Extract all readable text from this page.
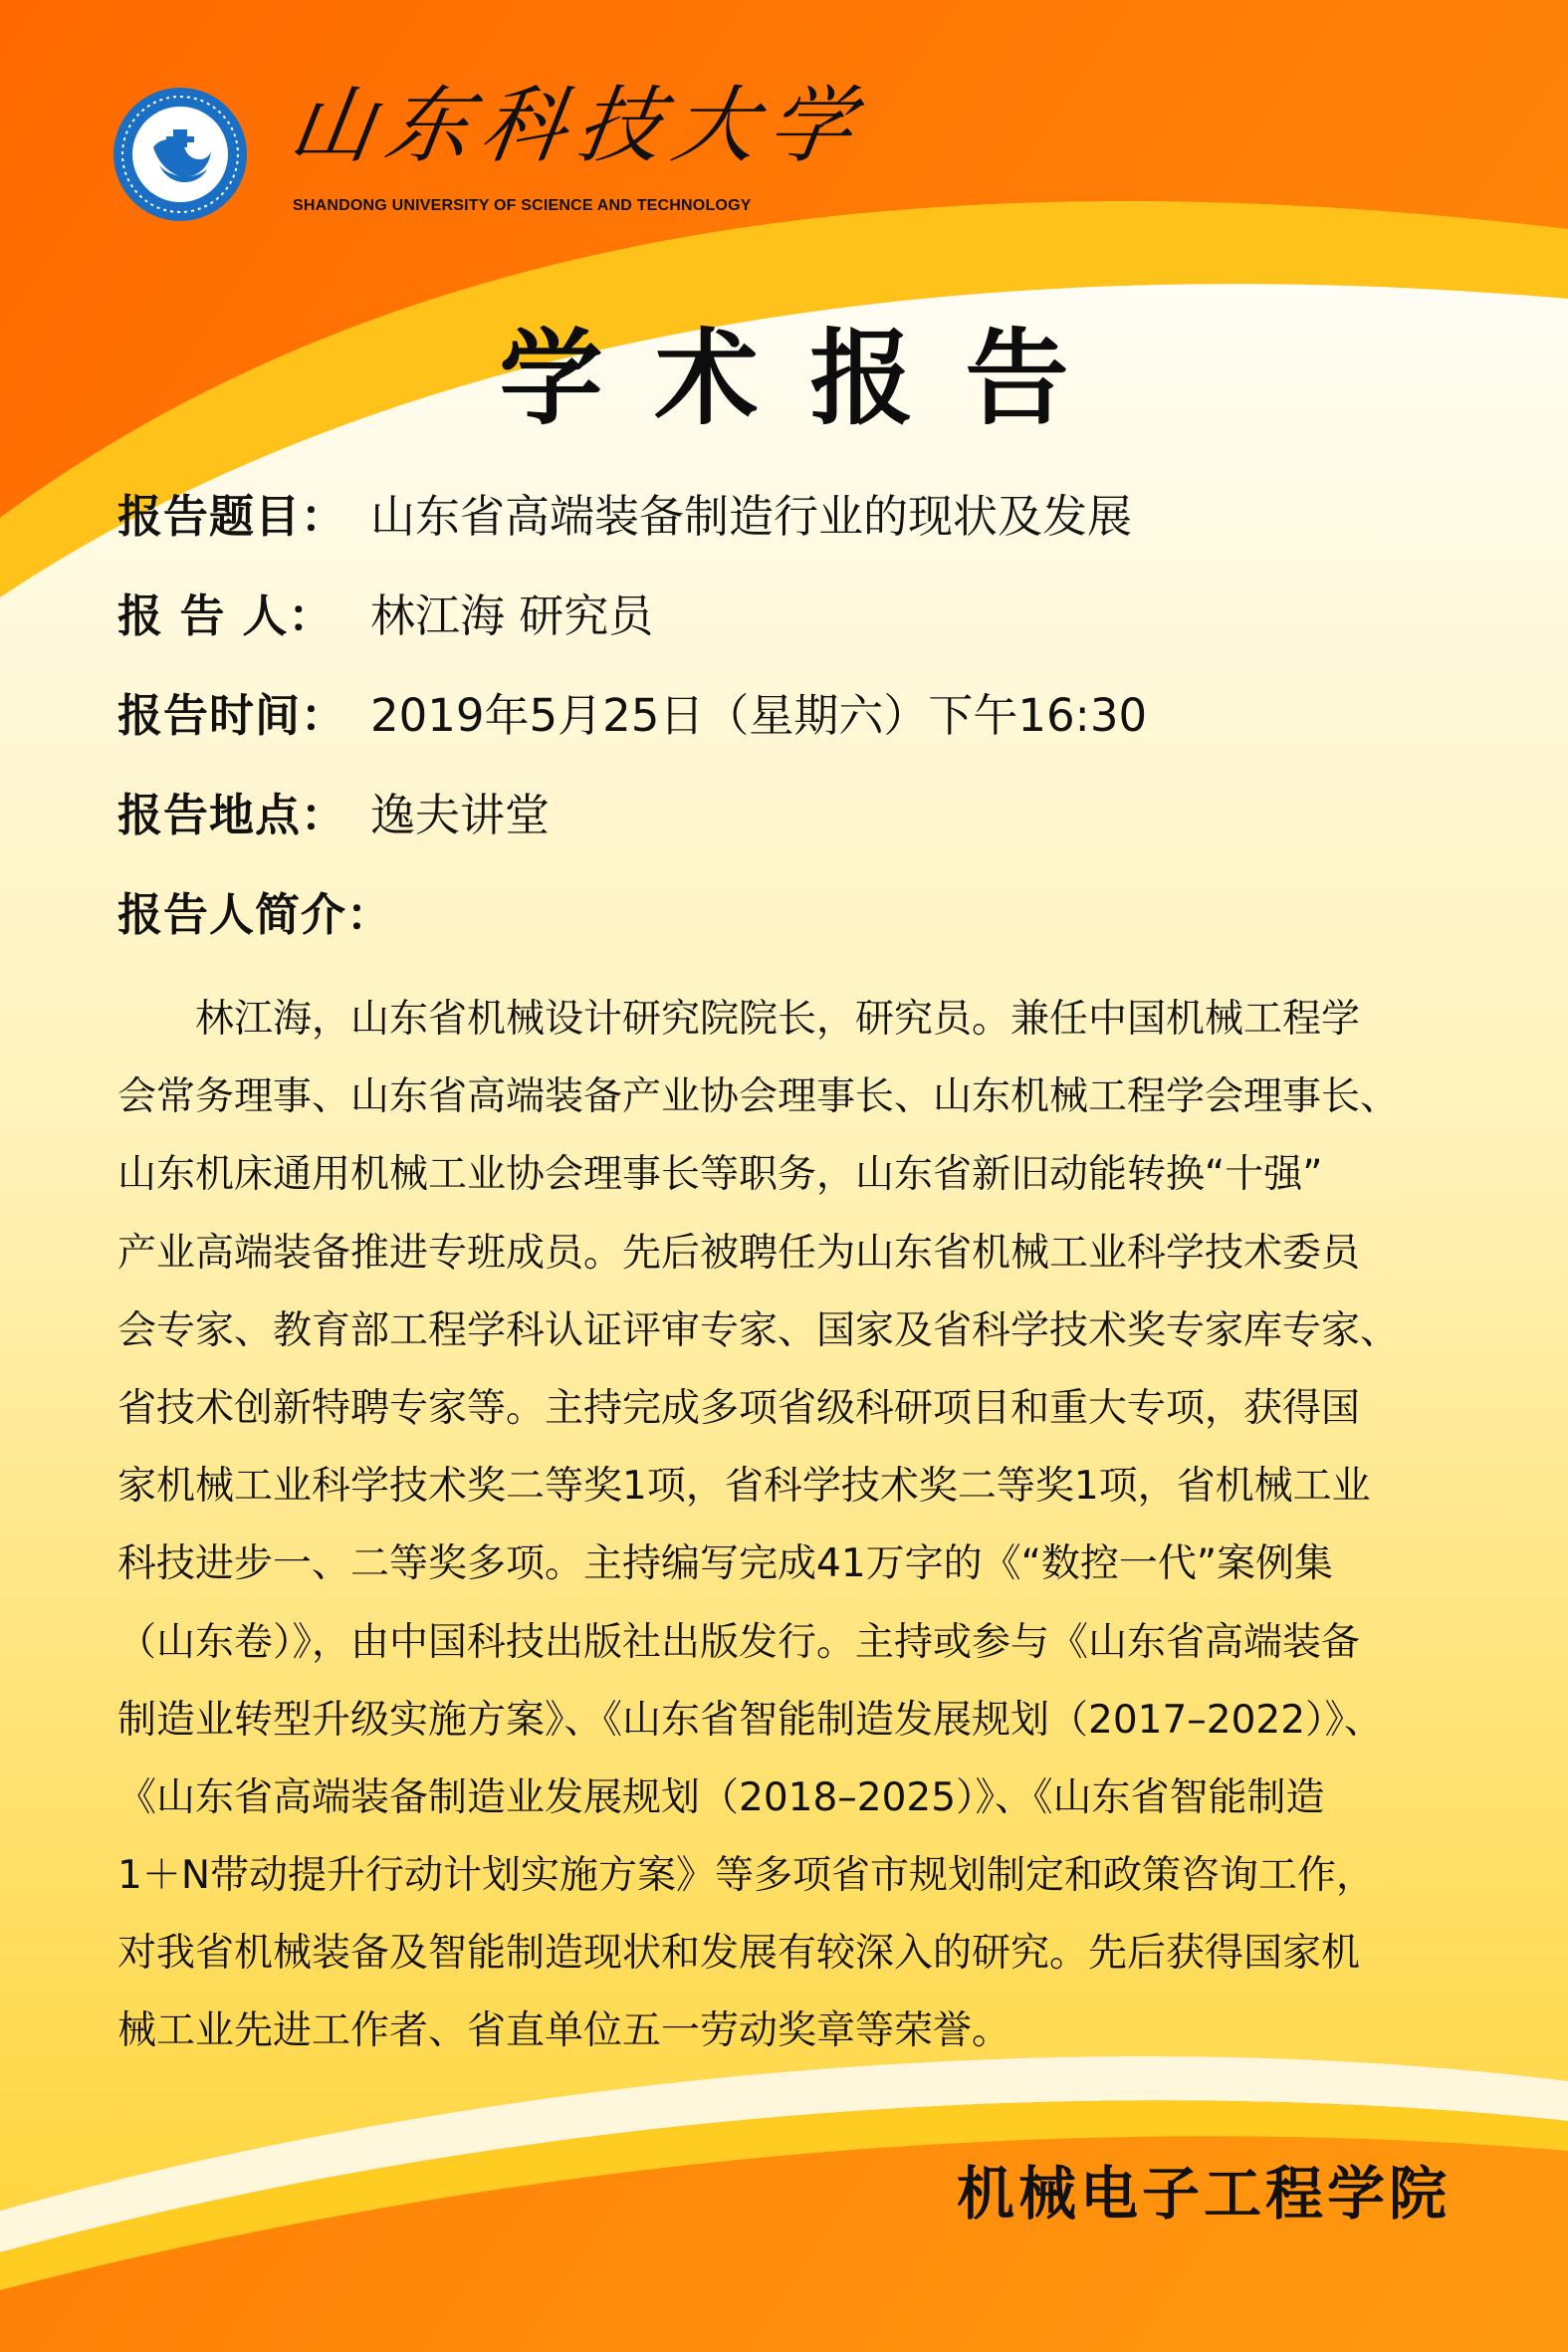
山东科技大学
SHANDONG UNIVERSITY OF SCIENCE AND TECHNOLOGY
学术报告
报告题目： 山东省高端装备制造行业的现状及发展
报 告 人： 林江海 研究员
报告时间： 2019年5月25日（星期六）下午16:30
报告地点： 逸夫讲堂
报告人简介：
　　林江海，山东省机械设计研究院院长，研究员。兼任中国机械工程学
会常务理事、山东省高端装备产业协会理事长、山东机械工程学会理事长、
山东机床通用机械工业协会理事长等职务，山东省新旧动能转换“十强”
产业高端装备推进专班成员。先后被聘任为山东省机械工业科学技术委员
会专家、教育部工程学科认证评审专家、国家及省科学技术奖专家库专家、
省技术创新特聘专家等。主持完成多项省级科研项目和重大专项，获得国
家机械工业科学技术奖二等奖1项，省科学技术奖二等奖1项，省机械工业
科技进步一、二等奖多项。主持编写完成41万字的《“数控一代”案例集
（山东卷）》，由中国科技出版社出版发行。主持或参与《山东省高端装备
制造业转型升级实施方案》、《山东省智能制造发展规划（2017–2022）》、
《山东省高端装备制造业发展规划（2018–2025）》、《山东省智能制造
1＋N带动提升行动计划实施方案》等多项省市规划制定和政策咨询工作，
对我省机械装备及智能制造现状和发展有较深入的研究。先后获得国家机
械工业先进工作者、省直单位五一劳动奖章等荣誉。
机械电子工程学院
